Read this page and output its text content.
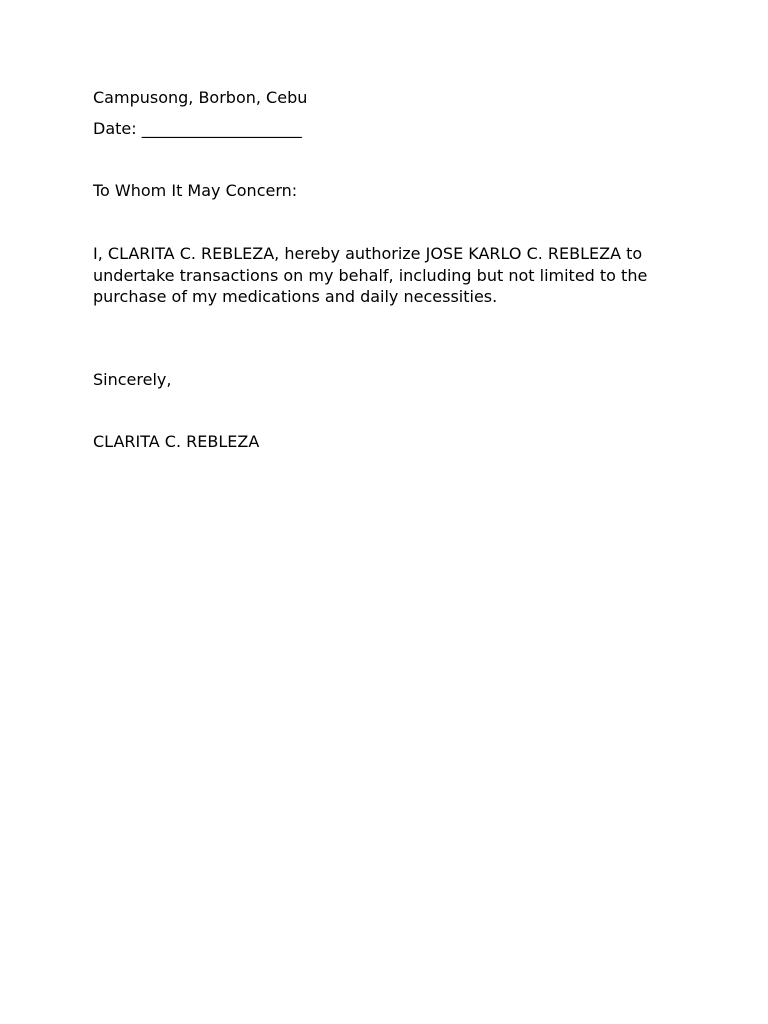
Campusong, Borbon, Cebu

Date: ____________________

To Whom It May Concern:

I, CLARITA C. REBLEZA, hereby authorize JOSE KARLO C. REBLEZA to undertake transactions on my behalf, including but not limited to the purchase of my medications and daily necessities.

Sincerely,

CLARITA C. REBLEZA
